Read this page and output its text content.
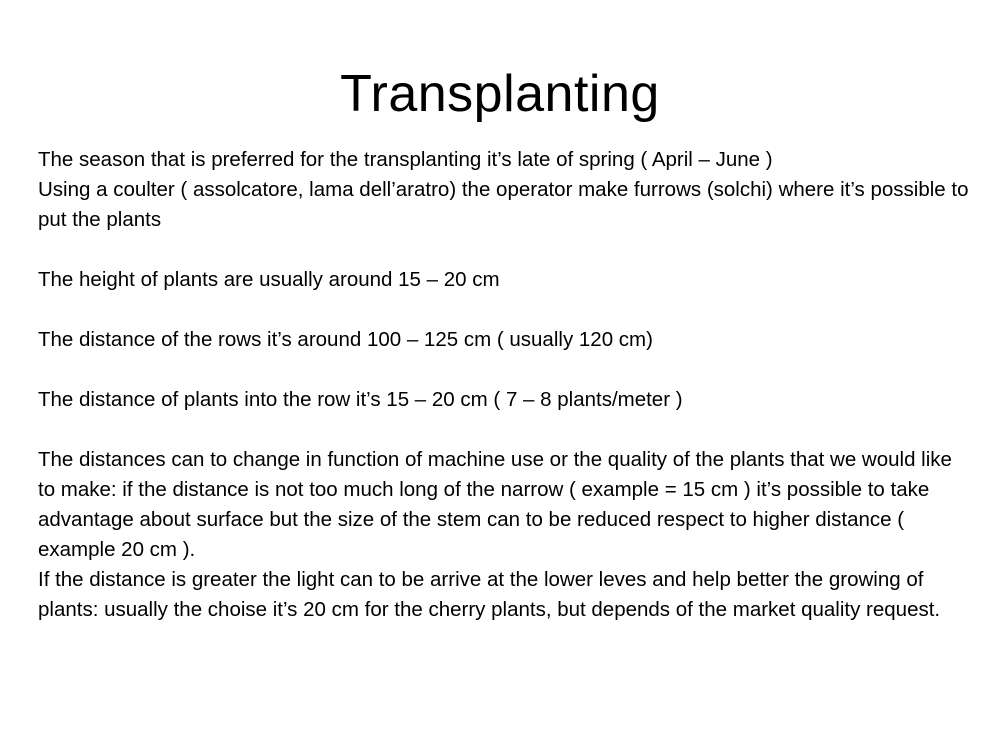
Transplanting

The season that is preferred for the transplanting it’s late of spring ( April – June )

Using a coulter ( assolcatore, lama dell’aratro) the operator make furrows (solchi) where it’s possible to put the plants

The height of plants are usually around 15 – 20 cm

The distance of the rows it’s around 100 – 125 cm ( usually 120 cm)

The distance of plants into the row it’s 15 – 20 cm ( 7 – 8 plants/meter )

The distances can to change in function of machine use or the quality of the plants that we would like to make: if the distance is not too much long of the narrow ( example = 15 cm ) it’s possible to take advantage about surface but the size of the stem can to be reduced respect to higher distance ( example 20 cm ).

If the distance is greater the light can to be arrive at the lower leves and help better the growing of plants: usually the choise it’s 20 cm for the cherry plants, but depends of the market quality request.
